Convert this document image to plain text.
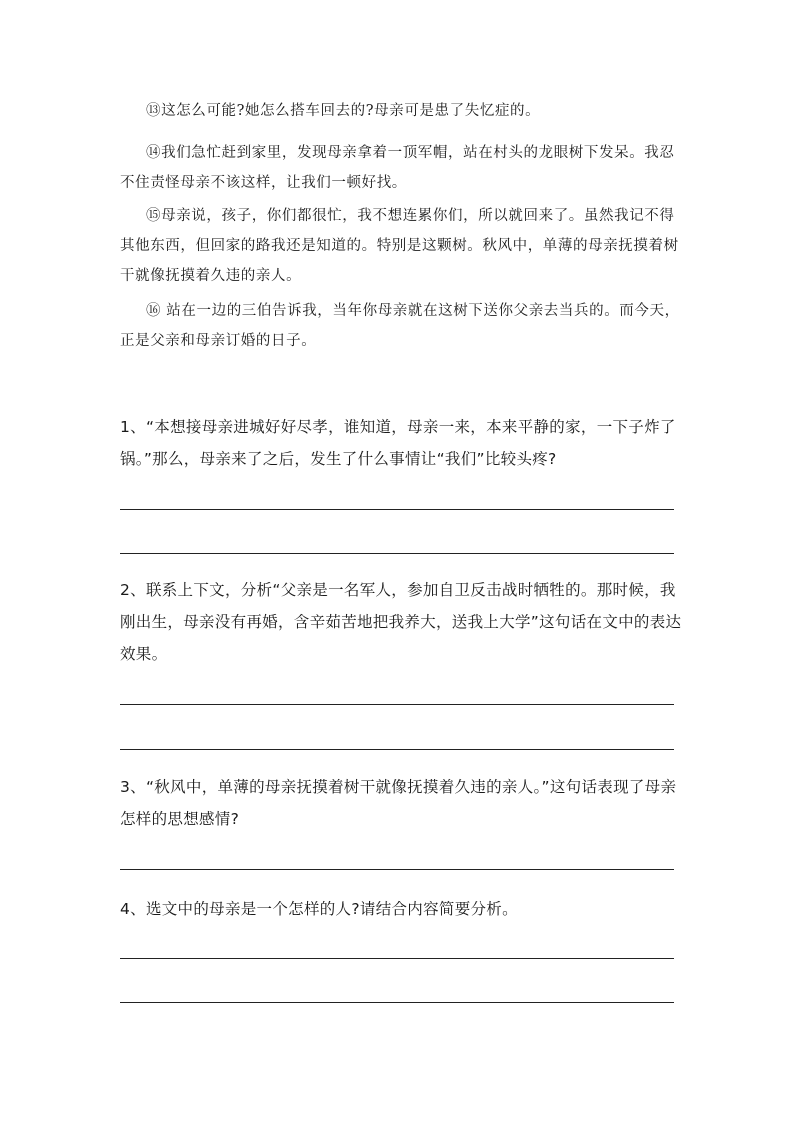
⑬这怎么可能?她怎么搭车回去的?母亲可是患了失忆症的。

⑭我们急忙赶到家里，发现母亲拿着一顶军帽，站在村头的龙眼树下发呆。我忍不住责怪母亲不该这样，让我们一顿好找。

⑮母亲说，孩子，你们都很忙，我不想连累你们，所以就回来了。虽然我记不得其他东西，但回家的路我还是知道的。特别是这颗树。秋风中，单薄的母亲抚摸着树干就像抚摸着久违的亲人。

⑯ 站在一边的三伯告诉我，当年你母亲就在这树下送你父亲去当兵的。而今天，正是父亲和母亲订婚的日子。

1、“本想接母亲进城好好尽孝，谁知道，母亲一来，本来平静的家，一下子炸了锅。”那么，母亲来了之后，发生了什么事情让“我们”比较头疼?

2、联系上下文，分析“父亲是一名军人，参加自卫反击战时牺牲的。那时候，我刚出生，母亲没有再婚，含辛茹苦地把我养大，送我上大学”这句话在文中的表达效果。

3、“秋风中，单薄的母亲抚摸着树干就像抚摸着久违的亲人。”这句话表现了母亲怎样的思想感情?

4、选文中的母亲是一个怎样的人?请结合内容简要分析。
